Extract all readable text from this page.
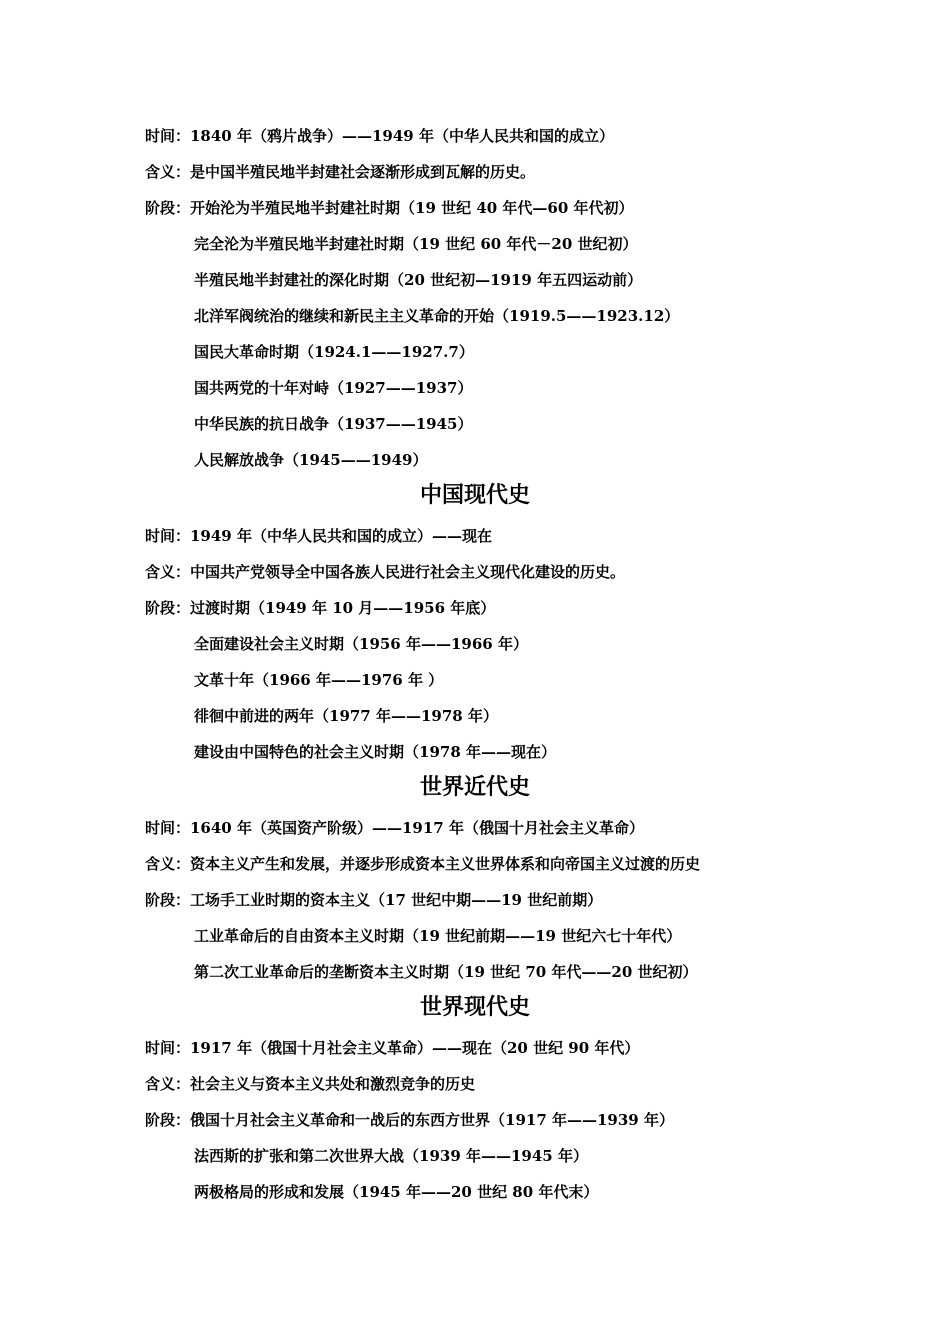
时间：1840 年（鸦片战争）——1949 年（中华人民共和国的成立）
含义：是中国半殖民地半封建社会逐渐形成到瓦解的历史。
阶段：开始沦为半殖民地半封建社时期（19 世纪 40 年代—60 年代初）
完全沦为半殖民地半封建社时期（19 世纪 60 年代－20 世纪初）
半殖民地半封建社的深化时期（20 世纪初—1919 年五四运动前）
北洋军阀统治的继续和新民主主义革命的开始（1919.5——1923.12）
国民大革命时期（1924.1——1927.7）
国共两党的十年对峙（1927——1937）
中华民族的抗日战争（1937——1945）
人民解放战争（1945——1949）
中国现代史
时间：1949 年（中华人民共和国的成立）——现在
含义：中国共产党领导全中国各族人民进行社会主义现代化建设的历史。
阶段：过渡时期（1949 年 10 月——1956 年底）
全面建设社会主义时期（1956 年——1966 年）
文革十年（1966 年——1976 年 ）
徘徊中前进的两年（1977 年——1978 年）
建设由中国特色的社会主义时期（1978 年——现在）
世界近代史
时间：1640 年（英国资产阶级）——1917 年（俄国十月社会主义革命）
含义：资本主义产生和发展，并逐步形成资本主义世界体系和向帝国主义过渡的历史
阶段：工场手工业时期的资本主义（17 世纪中期——19 世纪前期）
工业革命后的自由资本主义时期（19 世纪前期——19 世纪六七十年代）
第二次工业革命后的垄断资本主义时期（19 世纪 70 年代——20 世纪初）
世界现代史
时间：1917 年（俄国十月社会主义革命）——现在（20 世纪 90 年代）
含义：社会主义与资本主义共处和激烈竞争的历史
阶段：俄国十月社会主义革命和一战后的东西方世界（1917 年——1939 年）
法西斯的扩张和第二次世界大战（1939 年——1945 年）
两极格局的形成和发展（1945 年——20 世纪 80 年代末）
